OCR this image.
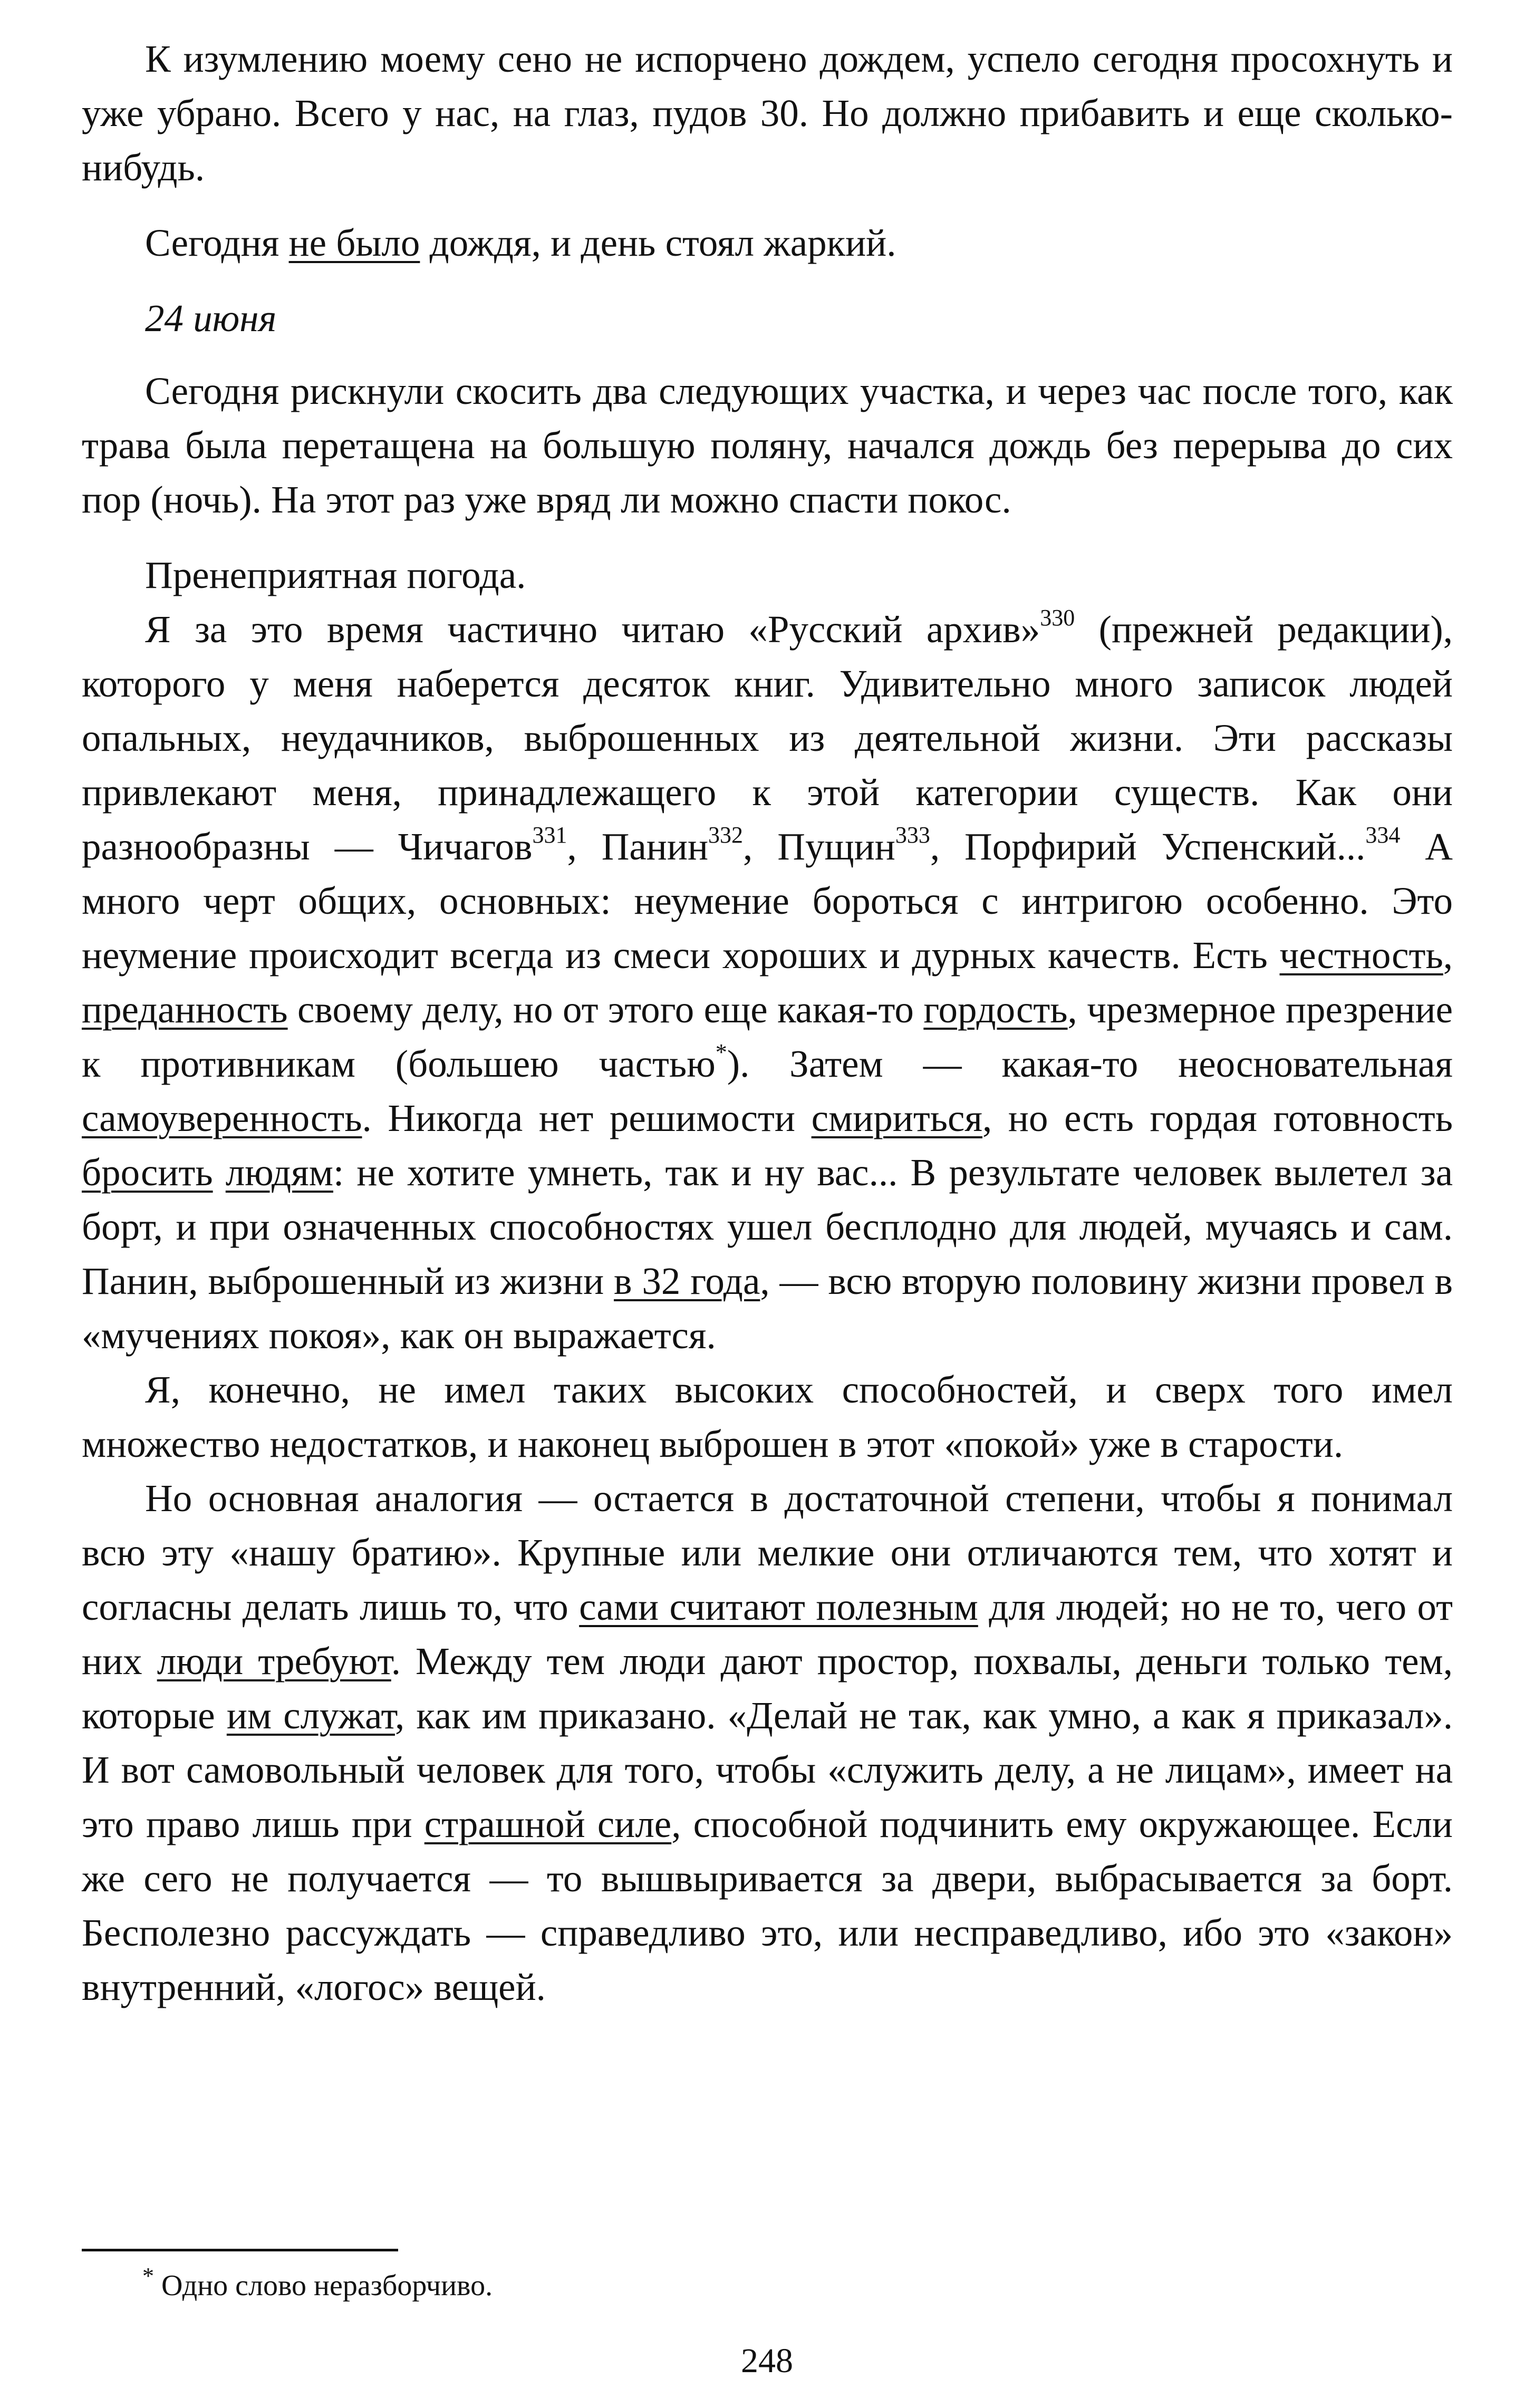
К изумлению моему сено не испорчено дождем, успело сегодня просохнуть и уже убрано. Всего у нас, на глаз, пудов 30. Но должно прибавить и еще сколько-нибудь.

Сегодня не было дождя, и день стоял жаркий.

24 июня

Сегодня рискнули скосить два следующих участка, и через час после того, как трава была перетащена на большую поляну, начался дождь без перерыва до сих пор (ночь). На этот раз уже вряд ли можно спасти покос.

Пренеприятная погода.

Я за это время частично читаю «Русский архив»$^{330}$ (прежней редакции), которого у меня наберется десяток книг. Удивительно много записок людей опальных, неудачников, выброшенных из деятельной жизни. Эти рассказы привлекают меня, принадлежащего к этой категории существ. Как они разнообразны — Чичагов$^{331}$, Панин$^{332}$, Пущин$^{333}$, Порфирий Успенский...$^{334}$ А много черт общих, основных: неумение бороться с интригою особенно. Это неумение происходит всегда из смеси хороших и дурных качеств. Есть честность, преданность своему делу, но от этого еще какая-то гордость, чрезмерное презрение к противникам (большею частью*). Затем — какая-то неосновательная самоуверенность. Никогда нет решимости смириться, но есть гордая готовность бросить людям: не хотите умнеть, так и ну вас... В результате человек вылетел за борт, и при означенных способностях ушел бесплодно для людей, мучаясь и сам. Панин, выброшенный из жизни в 32 года, — всю вторую половину жизни провел в «мучениях покоя», как он выражается.

Я, конечно, не имел таких высоких способностей, и сверх того имел множество недостатков, и наконец выброшен в этот «покой» уже в старости.

Но основная аналогия — остается в достаточной степени, чтобы я понимал всю эту «нашу братию». Крупные или мелкие они отличаются тем, что хотят и согласны делать лишь то, что сами считают полезным для людей; но не то, чего от них люди требуют. Между тем люди дают простор, похвалы, деньги только тем, которые им служат, как им приказано. «Делай не так, как умно, а как я приказал». И вот самовольный человек для того, чтобы «служить делу, а не лицам», имеет на это право лишь при страшной силе, способной подчинить ему окружающее. Если же сего не получается — то вышвыривается за двери, выбрасывается за борт. Бесполезно рассуждать — справедливо это, или несправедливо, ибо это «закон» внутренний, «логос» вещей.

* Одно слово неразборчиво.
248
